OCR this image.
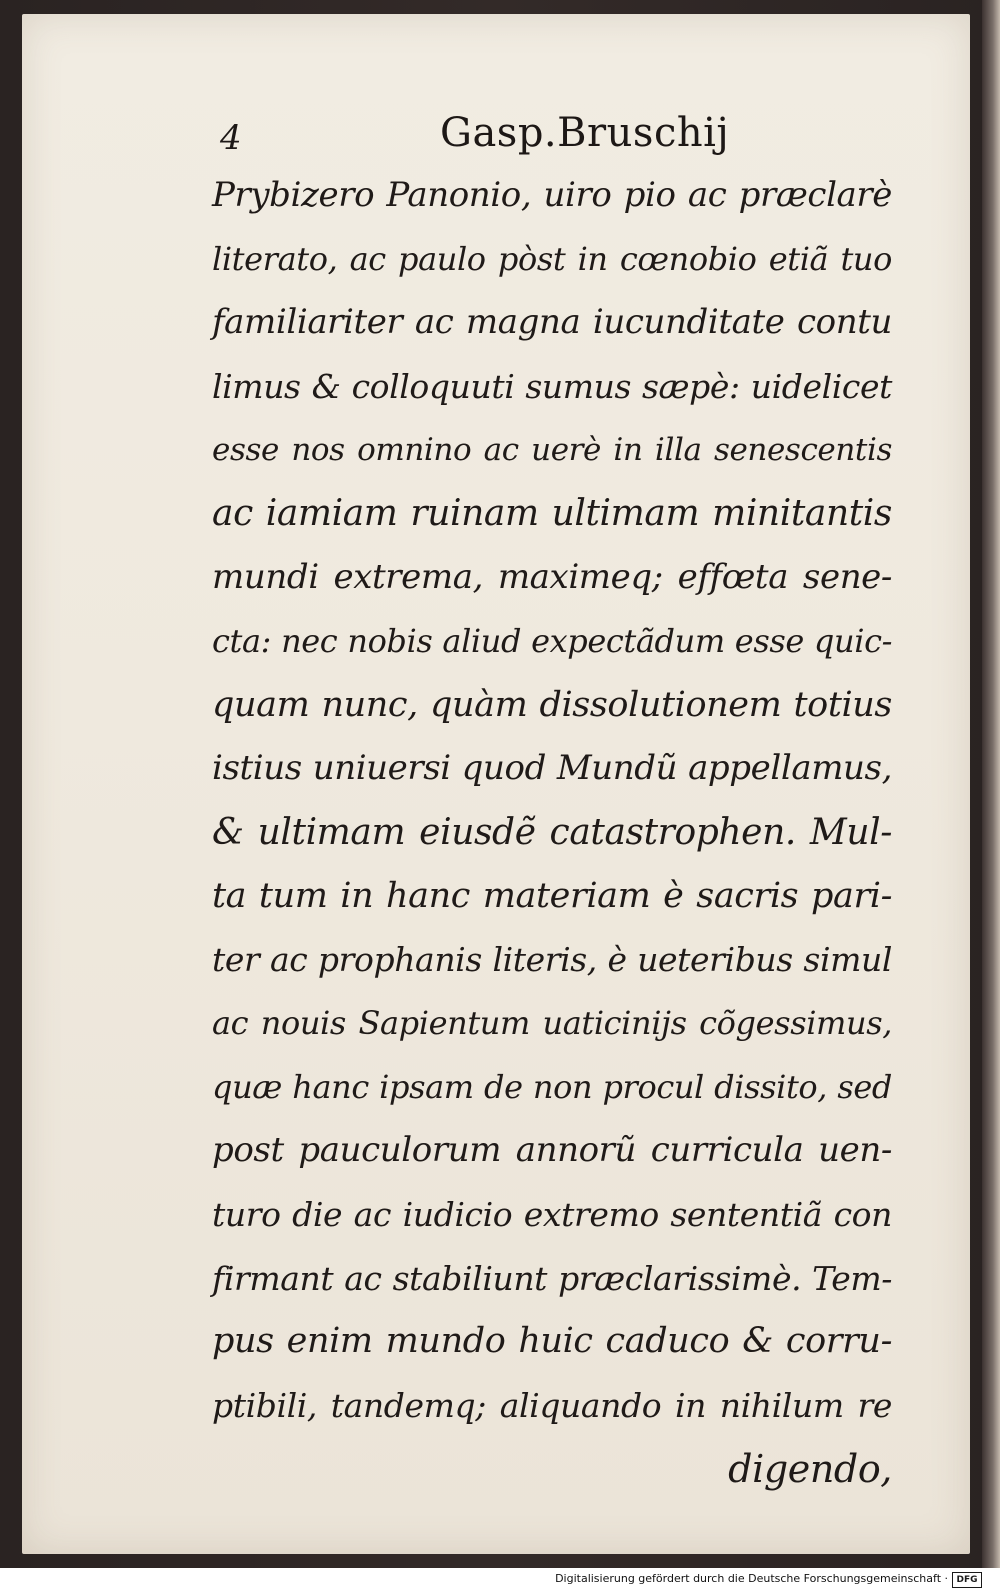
4	Gasp.Bruschij
Prybizero Panonio, uiro pio ac præclarè
literato, ac paulo pòst in cœnobio etiã tuo
familiariter ac magna iucunditate contu
limus & colloquuti sumus sæpè: uidelicet
esse nos omnino ac uerè in illa senescentis
ac iamiam ruinam ultimam minitantis
mundi extrema, maximeq; effœta sene-
cta: nec nobis aliud expectãdum esse quic-
quam nunc, quàm dissolutionem totius
istius uniuersi quod Mundũ appellamus,
& ultimam eiusdẽ catastrophen. Mul-
ta tum in hanc materiam è sacris pari-
ter ac prophanis literis, è ueteribus simul
ac nouis Sapientum uaticinijs cõgessimus,
quæ hanc ipsam de non procul dissito, sed
post pauculorum annorũ curricula uen-
turo die ac iudicio extremo sententiã con
firmant ac stabiliunt præclarissimè. Tem-
pus enim mundo huic caduco & corru-
ptibili, tandemq; aliquando in nihilum re
digendo,
Digitalisierung gefördert durch die Deutsche Forschungsgemeinschaft · DFG
